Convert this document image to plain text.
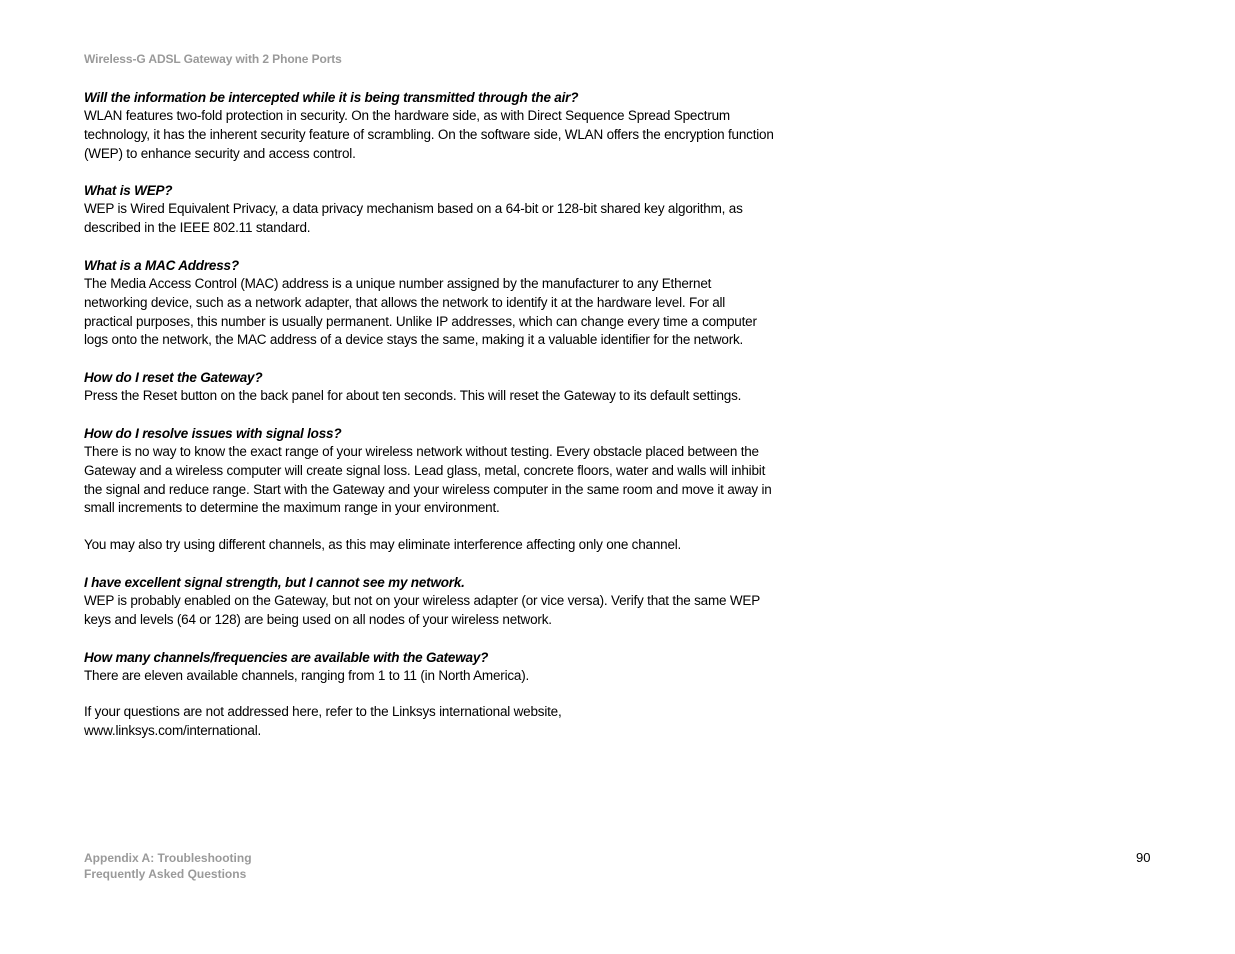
Wireless-G ADSL Gateway with 2 Phone Ports
Will the information be intercepted while it is being transmitted through the air?
WLAN features two-fold protection in security. On the hardware side, as with Direct Sequence Spread Spectrum technology, it has the inherent security feature of scrambling. On the software side, WLAN offers the encryption function (WEP) to enhance security and access control.
What is WEP?
WEP is Wired Equivalent Privacy, a data privacy mechanism based on a 64-bit or 128-bit shared key algorithm, as described in the IEEE 802.11 standard.
What is a MAC Address?
The Media Access Control (MAC) address is a unique number assigned by the manufacturer to any Ethernet networking device, such as a network adapter, that allows the network to identify it at the hardware level. For all practical purposes, this number is usually permanent. Unlike IP addresses, which can change every time a computer logs onto the network, the MAC address of a device stays the same, making it a valuable identifier for the network.
How do I reset the Gateway?
Press the Reset button on the back panel for about ten seconds. This will reset the Gateway to its default settings.
How do I resolve issues with signal loss?
There is no way to know the exact range of your wireless network without testing. Every obstacle placed between the Gateway and a wireless computer will create signal loss. Lead glass, metal, concrete floors, water and walls will inhibit the signal and reduce range. Start with the Gateway and your wireless computer in the same room and move it away in small increments to determine the maximum range in your environment.
You may also try using different channels, as this may eliminate interference affecting only one channel.
I have excellent signal strength, but I cannot see my network.
WEP is probably enabled on the Gateway, but not on your wireless adapter (or vice versa). Verify that the same WEP keys and levels (64 or 128) are being used on all nodes of your wireless network.
How many channels/frequencies are available with the Gateway?
There are eleven available channels, ranging from 1 to 11 (in North America).
If your questions are not addressed here, refer to the Linksys international website,
www.linksys.com/international.
Appendix A: Troubleshooting
Frequently Asked Questions
90
